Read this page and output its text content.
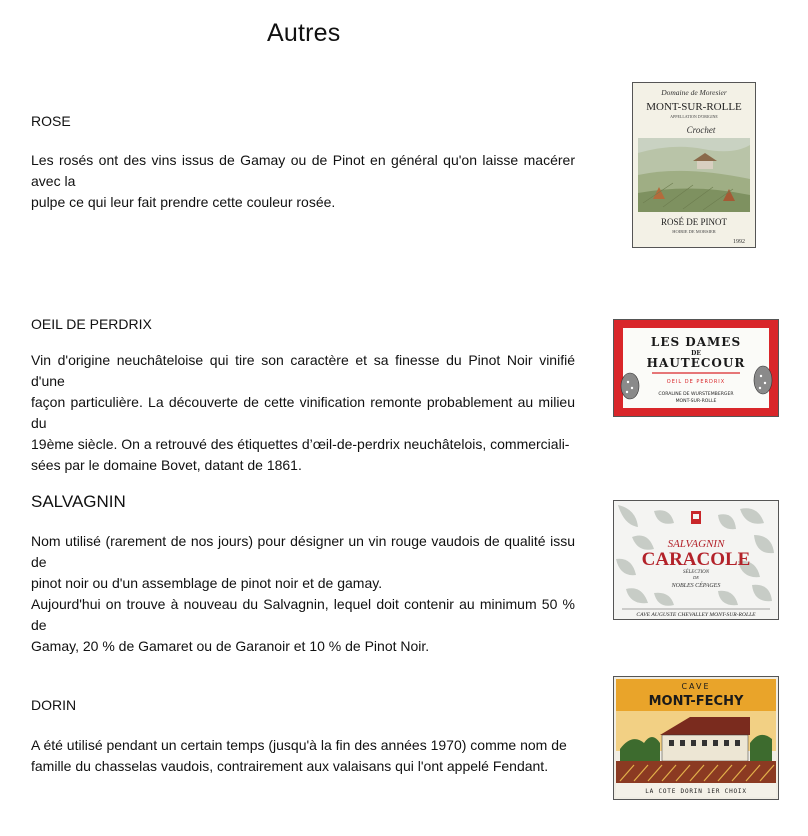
Autres
ROSE
Les rosés ont des vins issus de Gamay ou de Pinot en général qu'on laisse macérer avec la
pulpe ce qui leur fait prendre cette couleur rosée.
Domaine de Moresier
MONT-SUR-ROLLE
APPELLATION D'ORIGINE
Crochet
ROSÉ DE PINOT
HOIRIE DE MORSIER
1992
OEIL DE PERDRIX
Vin d'origine neuchâteloise qui tire son caractère et sa finesse du Pinot Noir vinifié d'une
façon particulière. La découverte de cette vinification remonte probablement au milieu du
19ème siècle. On a retrouvé des étiquettes d’œil-de-perdrix neuchâtelois, commerciali-
sées par le domaine Bovet, datant de 1861.
LES DAMES
DE
HAUTECOUR
OEIL DE PERDRIX
CORALINE DE WURSTEMBERGER
MONT-SUR-ROLLE
SALVAGNIN
Nom utilisé (rarement de nos jours) pour désigner un vin rouge vaudois de qualité issu de
pinot noir ou d'un assemblage de pinot noir et de gamay.
Aujourd'hui on trouve à nouveau du Salvagnin, lequel doit contenir au minimum 50 % de
Gamay, 20 % de Gamaret ou de Garanoir et 10 % de Pinot Noir.
SALVAGNIN
CARACOLE
SÉLECTION
DE
NOBLES CÉPAGES
CAVE AUGUSTE CHEVALLEY MONT-SUR-ROLLE
DORIN
A été utilisé pendant un certain temps (jusqu'à la fin des années 1970) comme nom de
famille du chasselas vaudois, contrairement aux valaisans qui l'ont appelé Fendant.
CAVE
MONT-FECHY
LA COTE DORIN 1ER CHOIX
